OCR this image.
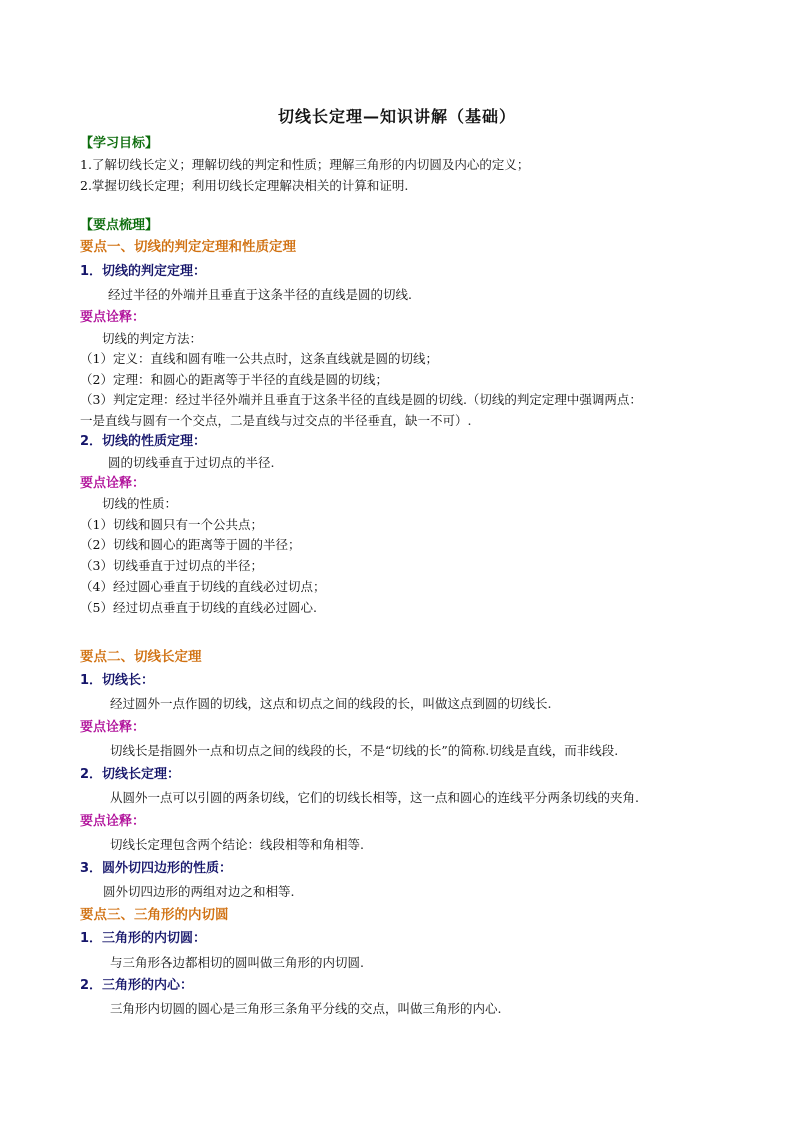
切线长定理—知识讲解（基础）
【学习目标】
1.了解切线长定义；理解切线的判定和性质；理解三角形的内切圆及内心的定义；
2.掌握切线长定理；利用切线长定理解决相关的计算和证明.
【要点梳理】
要点一、切线的判定定理和性质定理
1．切线的判定定理：
经过半径的外端并且垂直于这条半径的直线是圆的切线.
要点诠释：
切线的判定方法：
（1）定义：直线和圆有唯一公共点时，这条直线就是圆的切线；
（2）定理：和圆心的距离等于半径的直线是圆的切线；
（3）判定定理：经过半径外端并且垂直于这条半径的直线是圆的切线.（切线的判定定理中强调两点：
一是直线与圆有一个交点，二是直线与过交点的半径垂直，缺一不可）.
2．切线的性质定理：
圆的切线垂直于过切点的半径.
要点诠释：
切线的性质：
（1）切线和圆只有一个公共点；
（2）切线和圆心的距离等于圆的半径；
（3）切线垂直于过切点的半径；
（4）经过圆心垂直于切线的直线必过切点；
（5）经过切点垂直于切线的直线必过圆心.
要点二、切线长定理
1．切线长：
经过圆外一点作圆的切线，这点和切点之间的线段的长，叫做这点到圆的切线长.
要点诠释：
切线长是指圆外一点和切点之间的线段的长，不是“切线的长”的简称.切线是直线，而非线段.
2．切线长定理：
从圆外一点可以引圆的两条切线，它们的切线长相等，这一点和圆心的连线平分两条切线的夹角.
要点诠释：
切线长定理包含两个结论：线段相等和角相等.
3．圆外切四边形的性质：
圆外切四边形的两组对边之和相等.
要点三、三角形的内切圆
1．三角形的内切圆：
与三角形各边都相切的圆叫做三角形的内切圆.
2．三角形的内心：
三角形内切圆的圆心是三角形三条角平分线的交点，叫做三角形的内心.
